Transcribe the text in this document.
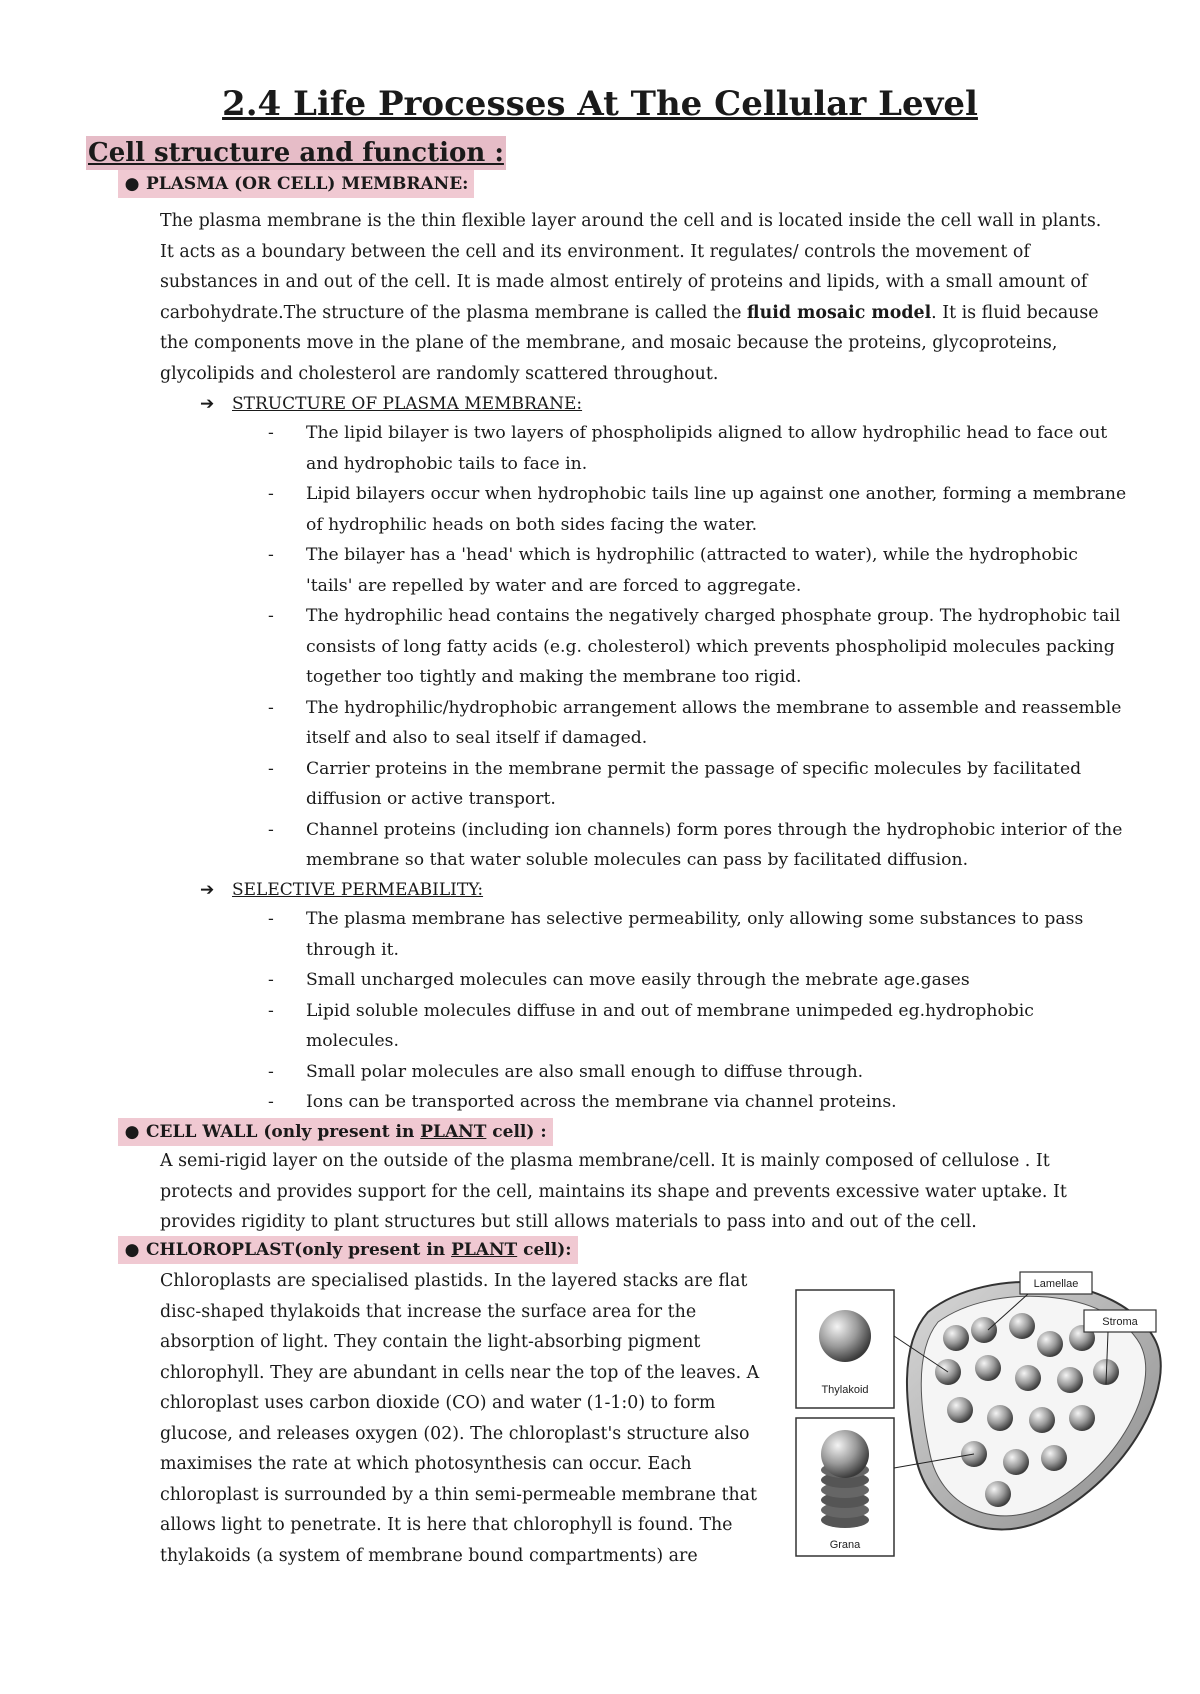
2.4 Life Processes At The Cellular Level
Cell structure and function :
● PLASMA (OR CELL) MEMBRANE:

The plasma membrane is the thin flexible layer around the cell and is located inside the cell wall in plants. It acts as a boundary between the cell and its environment. It regulates/ controls the movement of substances in and out of the cell. It is made almost entirely of proteins and lipids, with a small amount of carbohydrate.The structure of the plasma membrane is called the fluid mosaic model. It is fluid because the components move in the plane of the membrane, and mosaic because the proteins, glycoproteins, glycolipids and cholesterol are randomly scattered throughout.

➔ STRUCTURE OF PLASMA MEMBRANE:
- The lipid bilayer is two layers of phospholipids aligned to allow hydrophilic head to face out and hydrophobic tails to face in.
- Lipid bilayers occur when hydrophobic tails line up against one another, forming a membrane of hydrophilic heads on both sides facing the water.
- The bilayer has a 'head' which is hydrophilic (attracted to water), while the hydrophobic 'tails' are repelled by water and are forced to aggregate.
- The hydrophilic head contains the negatively charged phosphate group. The hydrophobic tail consists of long fatty acids (e.g. cholesterol) which prevents phospholipid molecules packing together too tightly and making the membrane too rigid.
- The hydrophilic/hydrophobic arrangement allows the membrane to assemble and reassemble itself and also to seal itself if damaged.
- Carrier proteins in the membrane permit the passage of specific molecules by facilitated diffusion or active transport.
- Channel proteins (including ion channels) form pores through the hydrophobic interior of the membrane so that water soluble molecules can pass by facilitated diffusion.
➔ SELECTIVE PERMEABILITY:
- The plasma membrane has selective permeability, only allowing some substances to pass through it.
- Small uncharged molecules can move easily through the mebrate age.gases
- Lipid soluble molecules diffuse in and out of membrane unimpeded eg.hydrophobic molecules.
- Small polar molecules are also small enough to diffuse through.
- Ions can be transported across the membrane via channel proteins.
● CELL WALL (only present in PLANT cell) :

A semi-rigid layer on the outside of the plasma membrane/cell. It is mainly composed of cellulose . It protects and provides support for the cell, maintains its shape and prevents excessive water uptake. It provides rigidity to plant structures but still allows materials to pass into and out of the cell.

● CHLOROPLAST(only present in PLANT cell):

Chloroplasts are specialised plastids. In the layered stacks are flat disc-shaped thylakoids that increase the surface area for the absorption of light. They contain the light-absorbing pigment chlorophyll. They are abundant in cells near the top of the leaves. A chloroplast uses carbon dioxide (CO) and water (1-1:0) to form glucose, and releases oxygen (02). The chloroplast's structure also maximises the rate at which photosynthesis can occur. Each chloroplast is surrounded by a thin semi-permeable membrane that allows light to penetrate. It is here that chlorophyll is found. The thylakoids (a system of membrane bound compartments) are

Thylakoid
Grana
Lamellae
Stroma
